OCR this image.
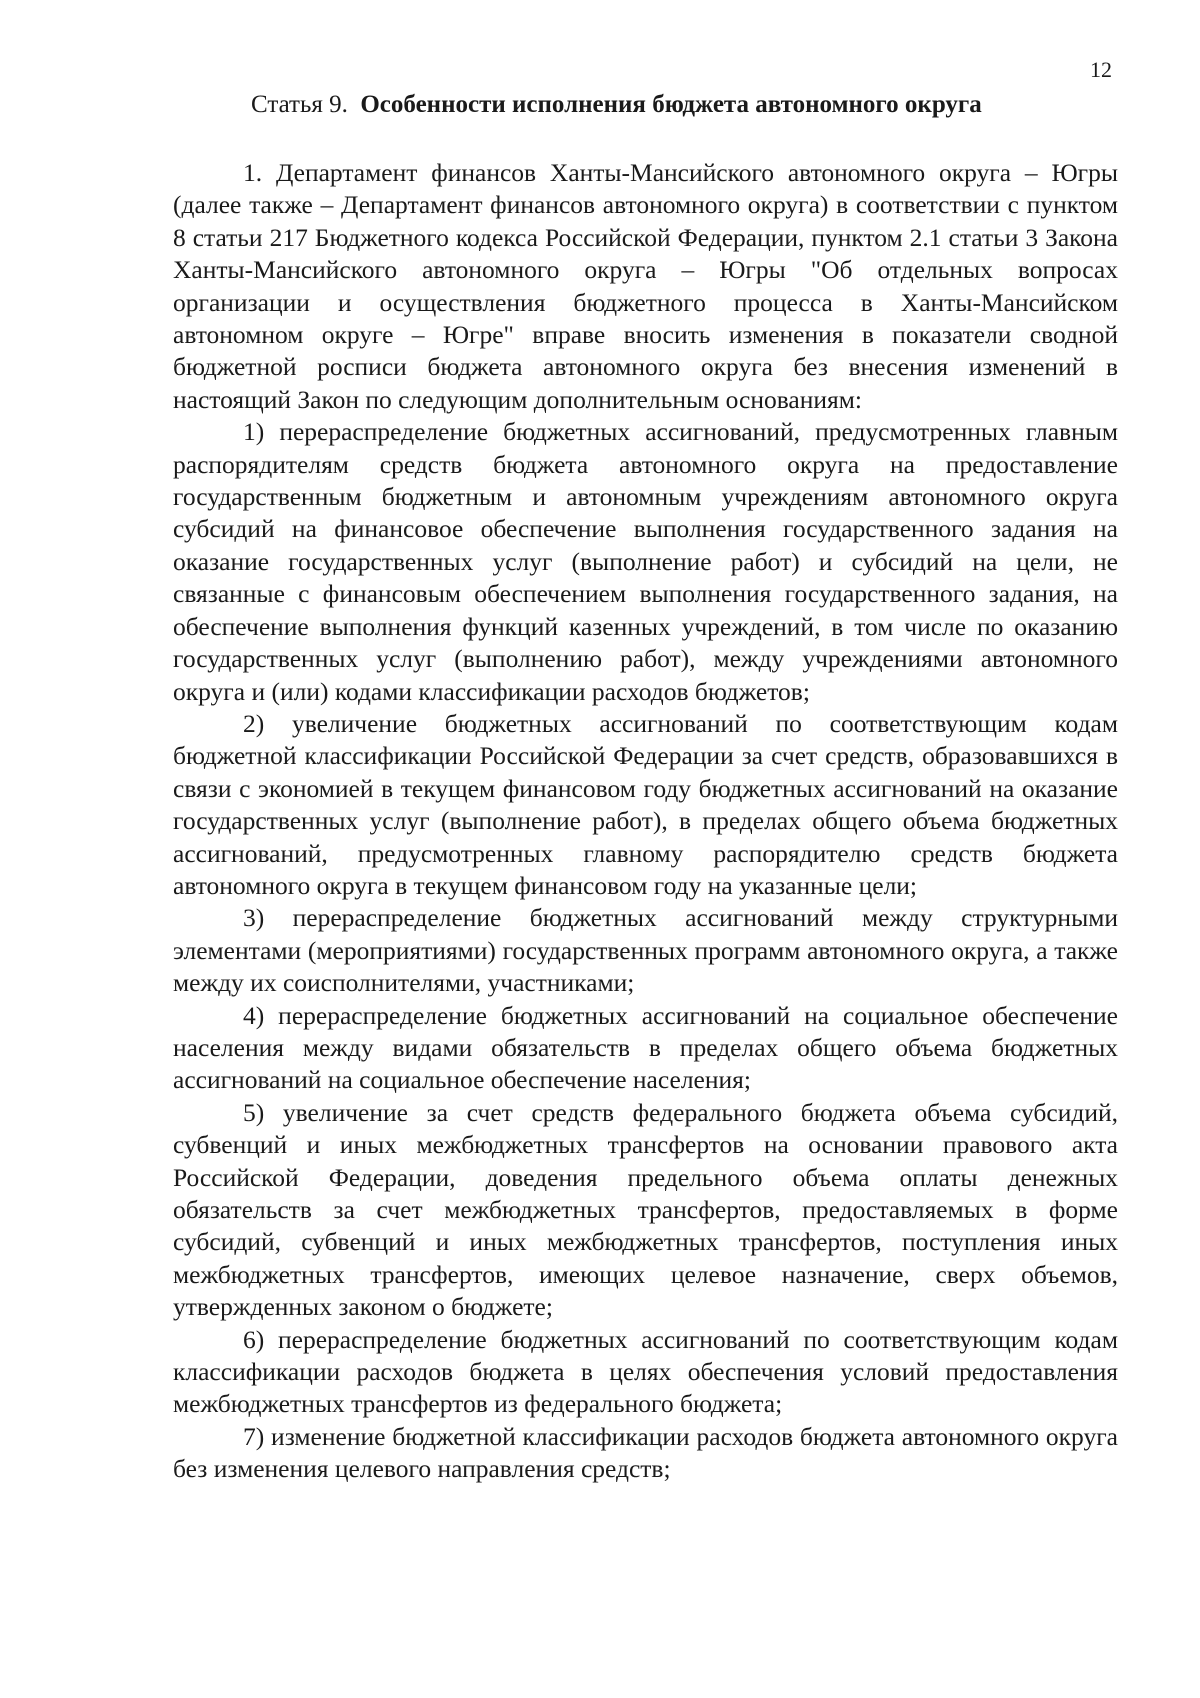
12
Статья 9. Особенности исполнения бюджета автономного округа

1. Департамент финансов Ханты-Мансийского автономного округа – Югры (далее также – Департамент финансов автономного округа) в соответствии с пунктом 8 статьи 217 Бюджетного кодекса Российской Федерации, пунктом 2.1 статьи 3 Закона Ханты-Мансийского автономного округа – Югры "Об отдельных вопросах организации и осуществления бюджетного процесса в Ханты-Мансийском автономном округе – Югре" вправе вносить изменения в показатели сводной бюджетной росписи бюджета автономного округа без внесения изменений в настоящий Закон по следующим дополнительным основаниям:

1) перераспределение бюджетных ассигнований, предусмотренных главным распорядителям средств бюджета автономного округа на предоставление государственным бюджетным и автономным учреждениям автономного округа субсидий на финансовое обеспечение выполнения государственного задания на оказание государственных услуг (выполнение работ) и субсидий на цели, не связанные с финансовым обеспечением выполнения государственного задания, на обеспечение выполнения функций казенных учреждений, в том числе по оказанию государственных услуг (выполнению работ), между учреждениями автономного округа и (или) кодами классификации расходов бюджетов;

2) увеличение бюджетных ассигнований по соответствующим кодам бюджетной классификации Российской Федерации за счет средств, образовавшихся в связи с экономией в текущем финансовом году бюджетных ассигнований на оказание государственных услуг (выполнение работ), в пределах общего объема бюджетных ассигнований, предусмотренных главному распорядителю средств бюджета автономного округа в текущем финансовом году на указанные цели;

3) перераспределение бюджетных ассигнований между структурными элементами (мероприятиями) государственных программ автономного округа, а также между их соисполнителями, участниками;

4) перераспределение бюджетных ассигнований на социальное обеспечение населения между видами обязательств в пределах общего объема бюджетных ассигнований на социальное обеспечение населения;

5) увеличение за счет средств федерального бюджета объема субсидий, субвенций и иных межбюджетных трансфертов на основании правового акта Российской Федерации, доведения предельного объема оплаты денежных обязательств за счет межбюджетных трансфертов, предоставляемых в форме субсидий, субвенций и иных межбюджетных трансфертов, поступления иных межбюджетных трансфертов, имеющих целевое назначение, сверх объемов, утвержденных законом о бюджете;

6) перераспределение бюджетных ассигнований по соответствующим кодам классификации расходов бюджета в целях обеспечения условий предоставления межбюджетных трансфертов из федерального бюджета;

7) изменение бюджетной классификации расходов бюджета автономного округа без изменения целевого направления средств;
